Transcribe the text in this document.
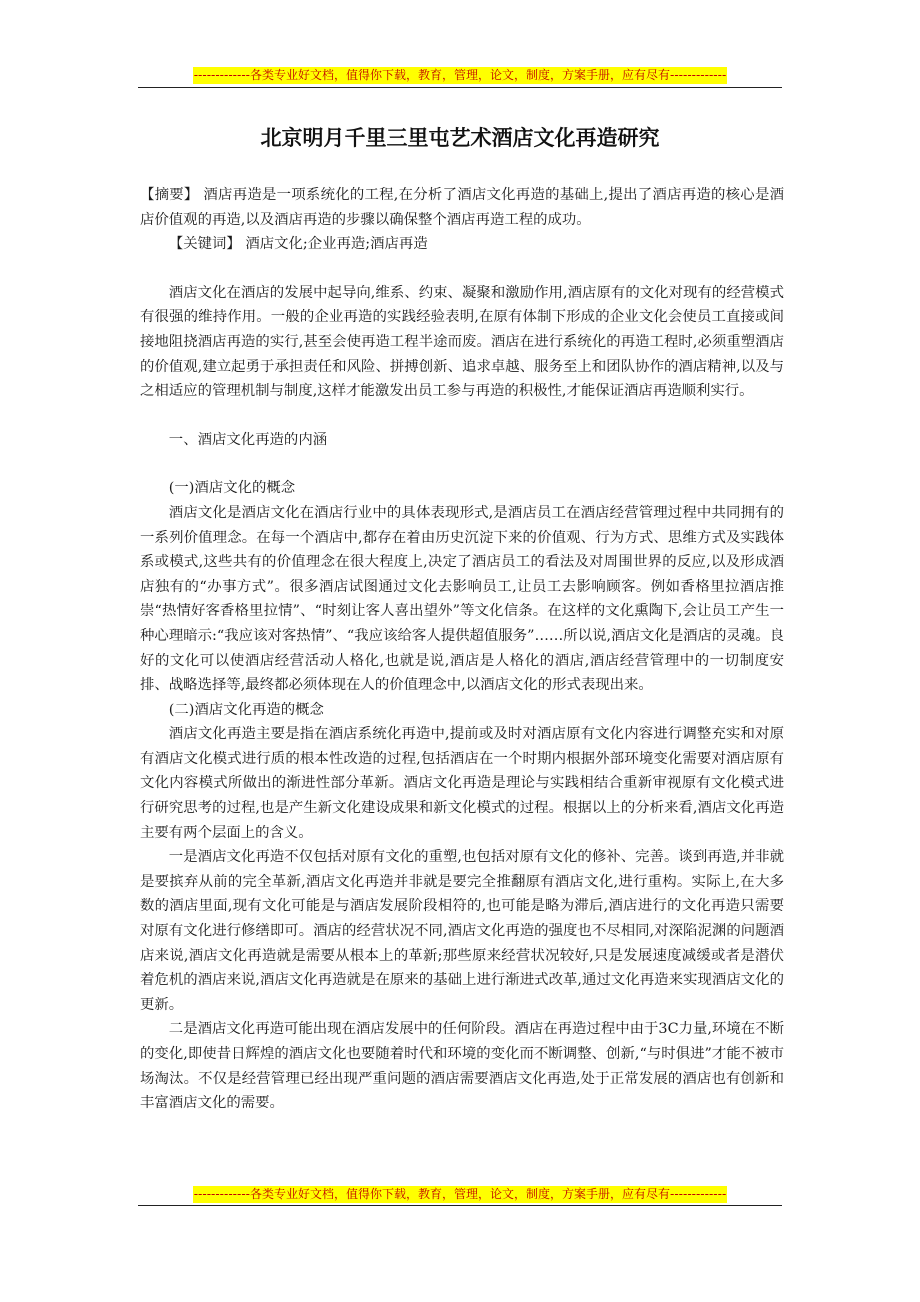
-------------各类专业好文档，值得你下载，教育，管理，论文，制度，方案手册，应有尽有-------------
北京明月千里三里屯艺术酒店文化再造研究

【摘要】 酒店再造是一项系统化的工程,在分析了酒店文化再造的基础上,提出了酒店再造的核心是酒店价值观的再造,以及酒店再造的步骤以确保整个酒店再造工程的成功。

【关键词】 酒店文化;企业再造;酒店再造

酒店文化在酒店的发展中起导向,维系、约束、凝聚和激励作用,酒店原有的文化对现有的经营模式有很强的维持作用。一般的企业再造的实践经验表明,在原有体制下形成的企业文化会使员工直接或间接地阻挠酒店再造的实行,甚至会使再造工程半途而废。酒店在进行系统化的再造工程时,必须重塑酒店的价值观,建立起勇于承担责任和风险、拼搏创新、追求卓越、服务至上和团队协作的酒店精神,以及与之相适应的管理机制与制度,这样才能激发出员工参与再造的积极性,才能保证酒店再造顺利实行。

一、酒店文化再造的内涵

(一)酒店文化的概念

酒店文化是酒店文化在酒店行业中的具体表现形式,是酒店员工在酒店经营管理过程中共同拥有的一系列价值理念。在每一个酒店中,都存在着由历史沉淀下来的价值观、行为方式、思维方式及实践体系或模式,这些共有的价值理念在很大程度上,决定了酒店员工的看法及对周围世界的反应,以及形成酒店独有的“办事方式”。很多酒店试图通过文化去影响员工,让员工去影响顾客。例如香格里拉酒店推崇“热情好客香格里拉情”、“时刻让客人喜出望外”等文化信条。在这样的文化熏陶下,会让员工产生一种心理暗示:“我应该对客热情”、“我应该给客人提供超值服务”……所以说,酒店文化是酒店的灵魂。良好的文化可以使酒店经营活动人格化,也就是说,酒店是人格化的酒店,酒店经营管理中的一切制度安排、战略选择等,最终都必须体现在人的价值理念中,以酒店文化的形式表现出来。

(二)酒店文化再造的概念

酒店文化再造主要是指在酒店系统化再造中,提前或及时对酒店原有文化内容进行调整充实和对原有酒店文化模式进行质的根本性改造的过程,包括酒店在一个时期内根据外部环境变化需要对酒店原有文化内容模式所做出的渐进性部分革新。酒店文化再造是理论与实践相结合重新审视原有文化模式进行研究思考的过程,也是产生新文化建设成果和新文化模式的过程。根据以上的分析来看,酒店文化再造主要有两个层面上的含义。

一是酒店文化再造不仅包括对原有文化的重塑,也包括对原有文化的修补、完善。谈到再造,并非就是要摈弃从前的完全革新,酒店文化再造并非就是要完全推翻原有酒店文化,进行重构。实际上,在大多数的酒店里面,现有文化可能是与酒店发展阶段相符的,也可能是略为滞后,酒店进行的文化再造只需要对原有文化进行修缮即可。酒店的经营状况不同,酒店文化再造的强度也不尽相同,对深陷泥渊的问题酒店来说,酒店文化再造就是需要从根本上的革新;那些原来经营状况较好,只是发展速度减缓或者是潜伏着危机的酒店来说,酒店文化再造就是在原来的基础上进行渐进式改革,通过文化再造来实现酒店文化的更新。

二是酒店文化再造可能出现在酒店发展中的任何阶段。酒店在再造过程中由于3C力量,环境在不断的变化,即使昔日辉煌的酒店文化也要随着时代和环境的变化而不断调整、创新,“与时俱进”才能不被市场淘汰。不仅是经营管理已经出现严重问题的酒店需要酒店文化再造,处于正常发展的酒店也有创新和丰富酒店文化的需要。

-------------各类专业好文档，值得你下载，教育，管理，论文，制度，方案手册，应有尽有-------------
